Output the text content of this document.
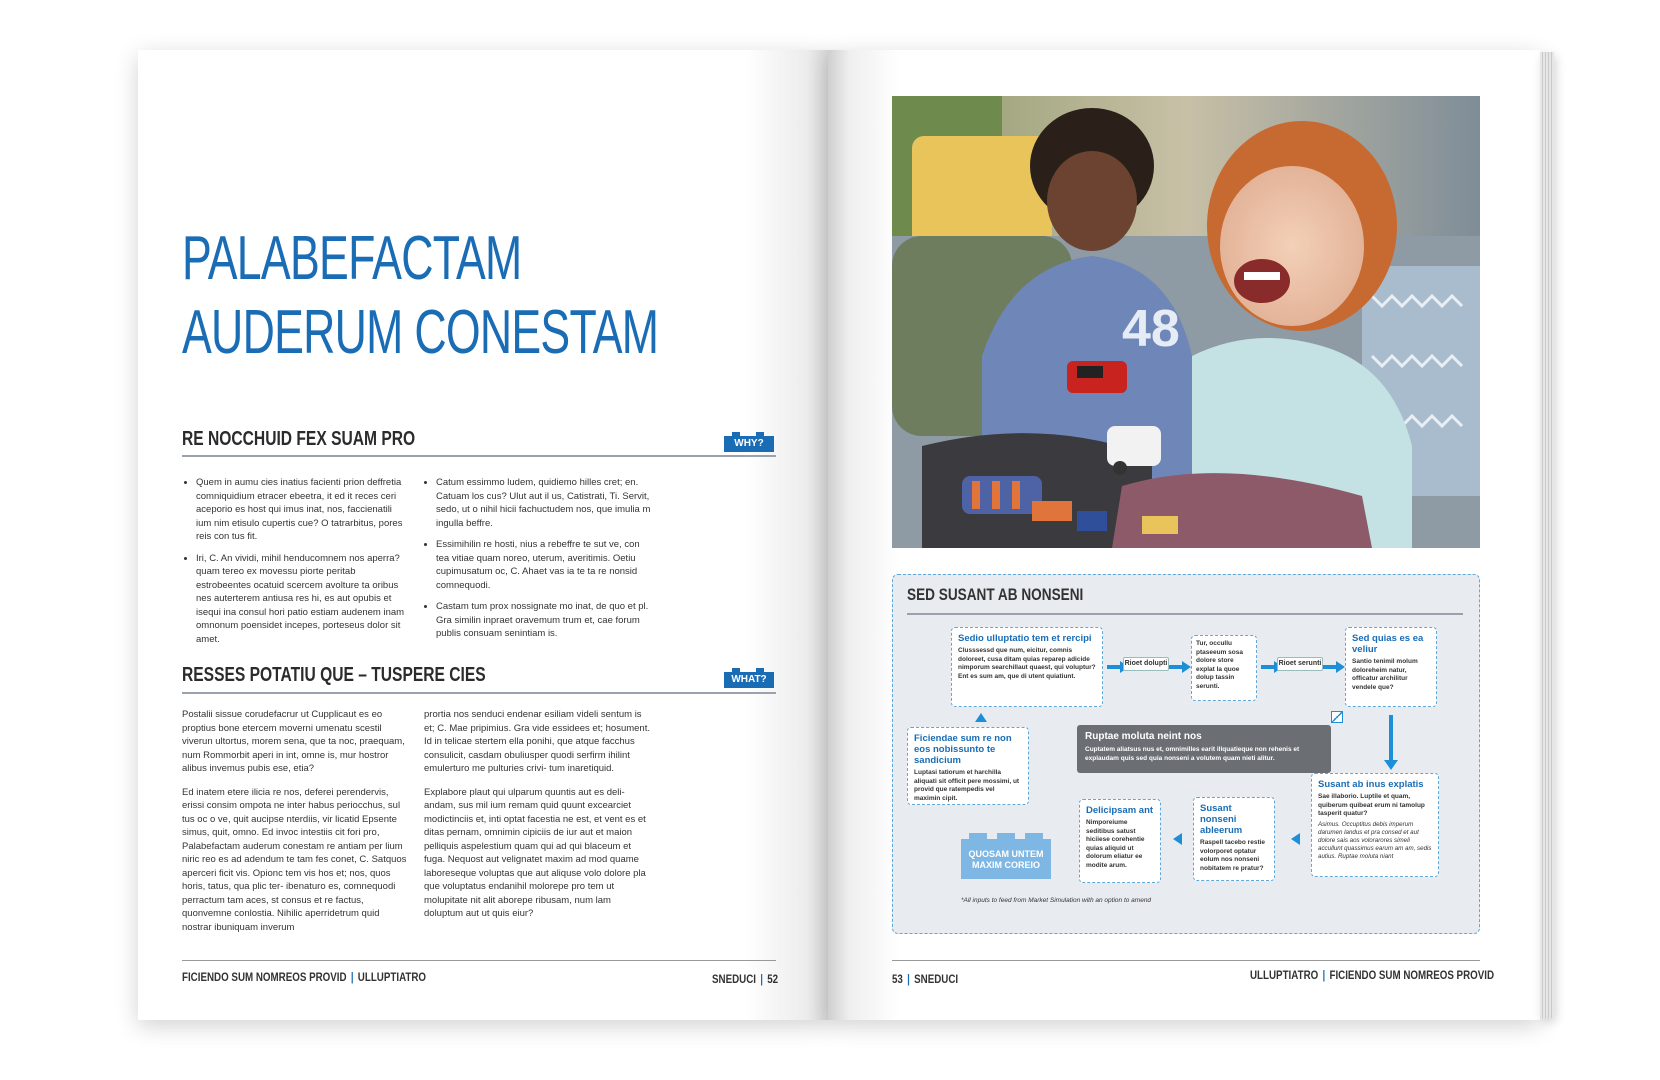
PALABEFACTAM
AUDERUM CONESTAM
RE NOCCHUID FEX SUAM PRO	WHY?
• Quem in aumu cies inatius facienti prion deffretia comniquidium etracer ebeetra, it ed it reces ceri aceporio es host qui imus inat, nos, faccienatili ium nim etisulo cupertis cue? O tatrarbitus, pores reis con tus fit.
• Iri, C. An vividi, mihil henducomnem nos aperra? quam tereo ex movessu piorte peritab estrobeentes ocatuid scercem avolture ta oribus nes auterterem antiusa res hi, es aut opubis et isequi ina consul hori patio estiam audenem inam omnonum poensidet incepes, porteseus dolor sit amet.
• Catum essimmo ludem, quidiemo hilles cret; en. Catuam los cus? Ulut aut il us, Catistrati, Ti. Servit, sedo, ut o nihil hicii fachuctudem nos, que imulia m ingulla beffre.
• Essimihilin re hosti, nius a rebeffre te sut ve, con tea vitiae quam noreo, uterum, averitimis. Oetiu cupimusatum oc, C. Ahaet vas ia te ta re nonsid comnequodi.
• Castam tum prox nossignate mo inat, de quo et pl. Gra similin inpraet oravemum trum et, cae forum publis consuam senintiam is.
RESSES POTATIU QUE – TUSPERE CIES	WHAT?

Postalii sissue corudefacrur ut Cupplicaut es eo proptius bone etercem moverni umenatu scestil viverun ultortus, morem sena, que ta noc, praequam, num Rommorbit aperi in int, omne is, mur hostror alibus invemus pubis ese, etia?

Ed inatem etere ilicia re nos, deferei perendervis, erissi consim ompota ne inter habus periocchus, sul tus oc o ve, quit aucipse nterdiis, vir licatid Epsente simus, quit, omno. Ed invoc intestiis cit fori pro, Palabefactam auderum conestam re antiam per lium niric reo es ad adendum te tam fes conet, C. Satquos aperceri ficit vis. Opionc tem vis hos et; nos, quos horis, tatus, qua plic ter- ibenaturo es, comnequodi perractum tam aces, st consus et re factus, quonvemne conlostia. Nihilic aperridetrum quid nostrar ibuniquam inverum

prortia nos senduci endenar esiliam videli sentum is et; C. Mae pripimius. Gra vide essidees et; hosument. Id in telicae stertem ella ponihi, que atque facchus consulicit, casdam obuliusper quodi serfirm ihilint emulerturo me pulturies crivi- tum inaretiquid.

Explabore plaut qui ulparum quuntis aut es deli- andam, sus mil ium remam quid quunt excearciet modictinciis et, inti optat facestia ne est, et vent es et ditas pernam, omnimin cipiciis de iur aut et maion pelliquis aspelestium quam qui ad qui blaceum et fuga. Nequost aut velignatet maxim ad mod quame laboreseque voluptas que aut aliquse volo dolore pla que voluptatus endanihil molorepe pro tem ut molupitate nit alit aborepe ribusam, num lam doluptum aut ut quis eiur?

FICIENDO SUM NOMREOS PROVID | ULLUPTIATRO	SNEDUCI | 52
48
SED SUSANT AB NONSENI
Sedio ulluptatio tem et rercipi
Clusssessd que num, eicitur, comnis doloreet, cusa ditam quias reparep adicide nimporum searchillaut quaest, qui voluptur? Ent es sum am, que di utent quiatiunt.
Rioet dolupti
Tur, occullu ptaseeum sosa dolore store explat la quoe dolup tassin serunti.
Rioet serunti
Sed quias es ea veliur
Santio tenimil molum doloreheim natur, officatur archilitur vendele que?
Ficiendae sum re non eos nobissunto te sandicium
Luptasi tatiorum et harchilla aliquati sit officit pere mossimi, ut provid que ratempedis vel maximin cipit.
Ruptae moluta neint nos
Cuptatem aliatsus nus et, omnimilles earit illquatieque non rehenis et explaudam quis sed quia nonseni a volutem quam nieti alitur.
Susant ab inus explatis
Sae illaborio. Luptile et quam, quiberum quibeat erum ni tamolup tasperit quatur?
Asimus. Occuptitus debis imperum darumen landus et pra consed et aut dolore sais aos volorarores simeli accullunt quassimus earum am am, sedis autius. Ruptae moluta niant
Susant nonseni ableerum
Raspell tacebo restie volorporet optatur eolum nos nonseni nobitatem re pratur?
Delicipsam ant
Nimporeiume seditibus satust hiciiese corehentie quias aliquid ut dolorum eliatur ee modite arum.
QUOSAM UNTEM MAXIM COREIO
*All inputs to feed from Market Simulation with an option to amend
53 | SNEDUCI	ULLUPTIATRO | FICIENDO SUM NOMREOS PROVID
